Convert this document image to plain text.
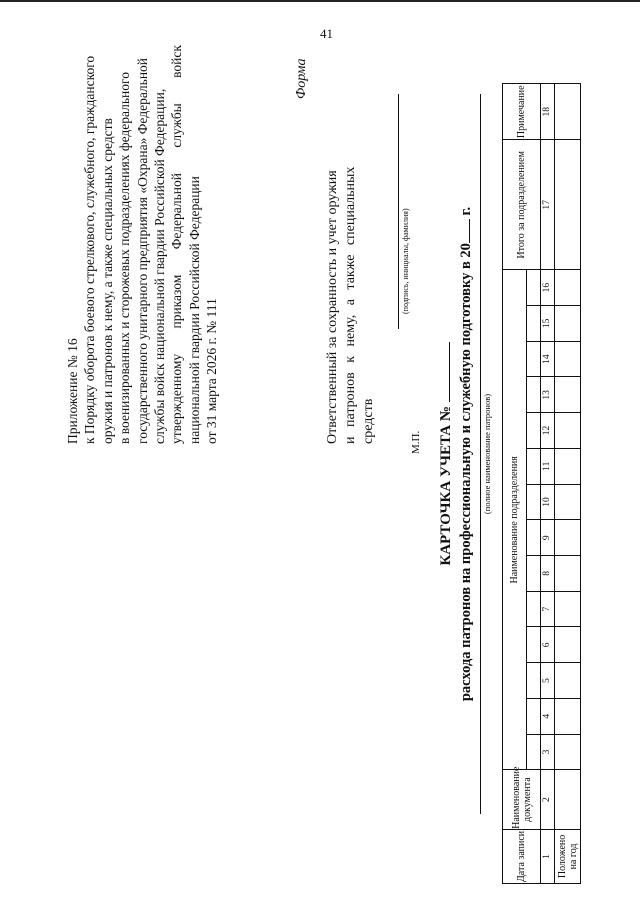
41
Приложение № 16 к Порядку оборота боевого стрелкового, служебного, гражданского оружия и патронов к нему, а также специальных средств в военизированных и сторожевых подразделениях федерального государственного унитарного предприятия «Охрана» Федеральной службы войск национальной гвардии Российской Федерации, утвержденному приказом Федеральной службы войск национальной гвардии Российской Федерации от 31 марта 2026 г. № 111
Форма
Ответственный за сохранность и учет оружия и патронов к нему, а также специальных средств
(подпись, инициалы, фамилия)
М.П. КАРТОЧКА УЧЕТА № расхода патронов на профессиональную и служебную подготовку в 20 г.
(полное наименование патронов)
Дата записи	Наименование документа	Наименование подразделения														Итого за подразделением	Примечание	

1	2	3	4	5	6	7	8	9	10	11	12	13	14	15	16	17	18	
Положено на год																		
